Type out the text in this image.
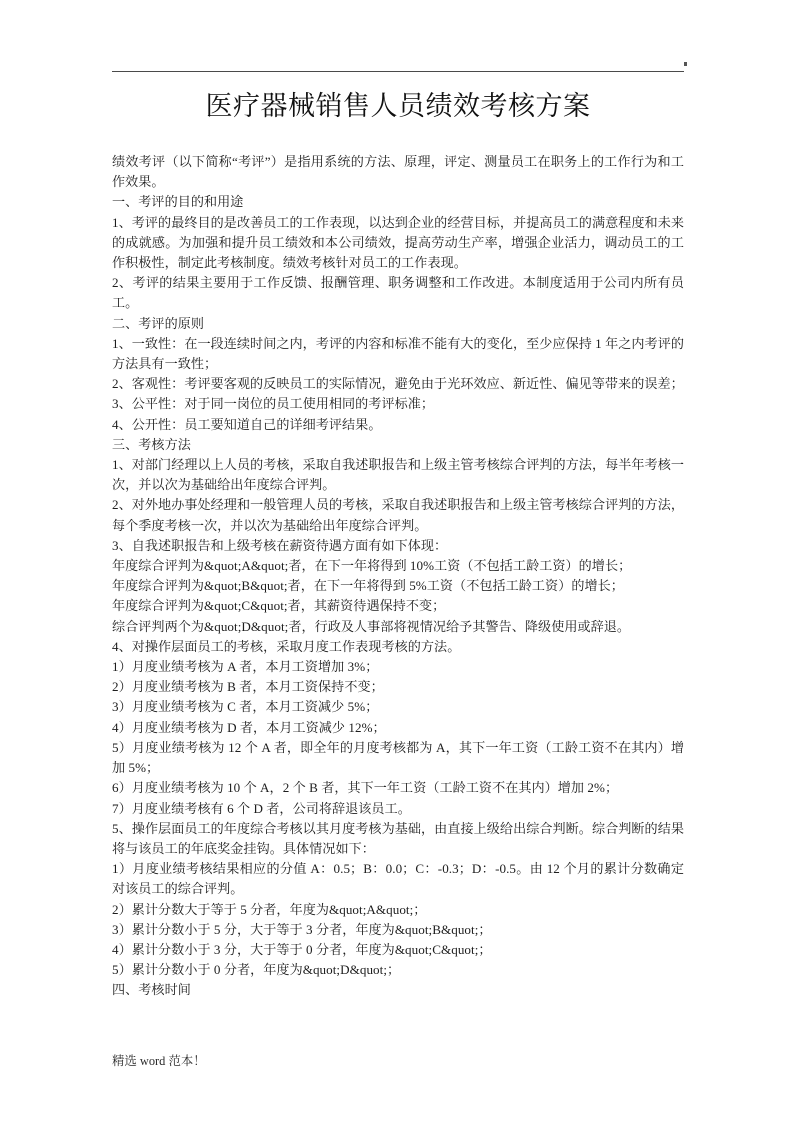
医疗器械销售人员绩效考核方案

绩效考评（以下简称“考评”）是指用系统的方法、原理，评定、测量员工在职务上的工作行为和工作效果。

一、考评的目的和用途

1、考评的最终目的是改善员工的工作表现，以达到企业的经营目标，并提高员工的满意程度和未来的成就感。为加强和提升员工绩效和本公司绩效，提高劳动生产率，增强企业活力，调动员工的工作积极性，制定此考核制度。绩效考核针对员工的工作表现。

2、考评的结果主要用于工作反馈、报酬管理、职务调整和工作改进。本制度适用于公司内所有员工。

二、考评的原则

1、一致性：在一段连续时间之内，考评的内容和标准不能有大的变化，至少应保持 1 年之内考评的方法具有一致性；

2、客观性：考评要客观的反映员工的实际情况，避免由于光环效应、新近性、偏见等带来的误差；

3、公平性：对于同一岗位的员工使用相同的考评标准；

4、公开性：员工要知道自己的详细考评结果。

三、考核方法

1、对部门经理以上人员的考核，采取自我述职报告和上级主管考核综合评判的方法，每半年考核一次，并以次为基础给出年度综合评判。

2、对外地办事处经理和一般管理人员的考核，采取自我述职报告和上级主管考核综合评判的方法，每个季度考核一次，并以次为基础给出年度综合评判。

3、自我述职报告和上级考核在薪资待遇方面有如下体现：

年度综合评判为&quot;A&quot;者，在下一年将得到 10%工资（不包括工龄工资）的增长；

年度综合评判为&quot;B&quot;者，在下一年将得到 5%工资（不包括工龄工资）的增长；

年度综合评判为&quot;C&quot;者，其薪资待遇保持不变；

综合评判两个为&quot;D&quot;者，行政及人事部将视情况给予其警告、降级使用或辞退。

4、对操作层面员工的考核，采取月度工作表现考核的方法。

1）月度业绩考核为 A 者，本月工资增加 3%；

2）月度业绩考核为 B 者，本月工资保持不变；

3）月度业绩考核为 C 者，本月工资减少 5%；

4）月度业绩考核为 D 者，本月工资减少 12%；

5）月度业绩考核为 12 个 A 者，即全年的月度考核都为 A，其下一年工资（工龄工资不在其内）增加 5%；

6）月度业绩考核为 10 个 A，2 个 B 者，其下一年工资（工龄工资不在其内）增加 2%；

7）月度业绩考核有 6 个 D 者，公司将辞退该员工。

5、操作层面员工的年度综合考核以其月度考核为基础，由直接上级给出综合判断。综合判断的结果将与该员工的年底奖金挂钩。具体情况如下：

1）月度业绩考核结果相应的分值 A：0.5；B：0.0；C：-0.3；D：-0.5。由 12 个月的累计分数确定对该员工的综合评判。

2）累计分数大于等于 5 分者，年度为&quot;A&quot;；

3）累计分数小于 5 分，大于等于 3 分者，年度为&quot;B&quot;；

4）累计分数小于 3 分，大于等于 0 分者，年度为&quot;C&quot;；

5）累计分数小于 0 分者，年度为&quot;D&quot;；

四、考核时间

精选 word 范本！
